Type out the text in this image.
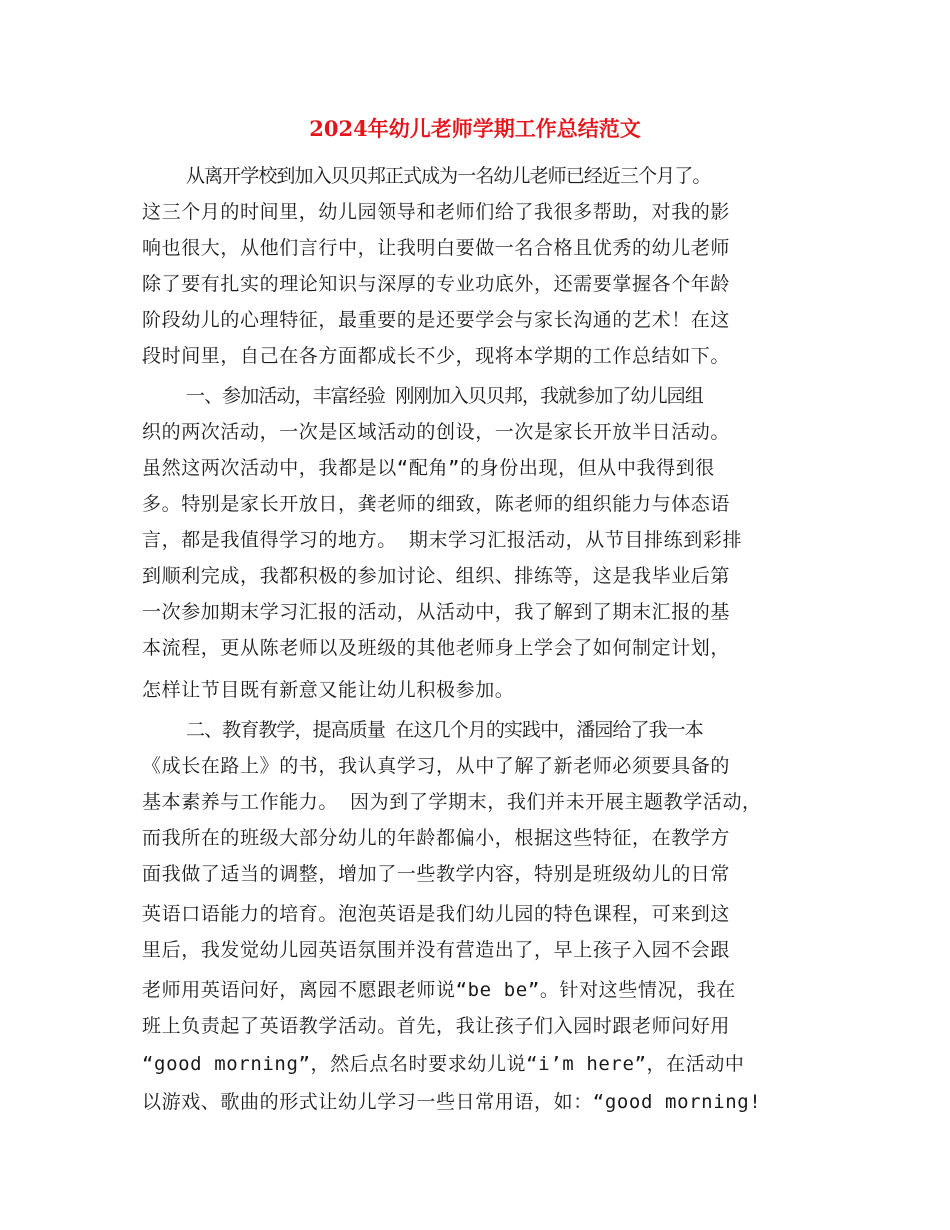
2024年幼儿老师学期工作总结范文

从离开学校到加入贝贝邦正式成为一名幼儿老师已经近三个月了。

这三个月的时间里，幼儿园领导和老师们给了我很多帮助，对我的影

响也很大，从他们言行中，让我明白要做一名合格且优秀的幼儿老师

除了要有扎实的理论知识与深厚的专业功底外，还需要掌握各个年龄

阶段幼儿的心理特征，最重要的是还要学会与家长沟通的艺术！在这

段时间里，自己在各方面都成长不少，现将本学期的工作总结如下。

一、参加活动，丰富经验 刚刚加入贝贝邦，我就参加了幼儿园组

织的两次活动，一次是区域活动的创设，一次是家长开放半日活动。

虽然这两次活动中，我都是以“配角”的身份出现，但从中我得到很

多。特别是家长开放日，龚老师的细致，陈老师的组织能力与体态语

言，都是我值得学习的地方。 期末学习汇报活动，从节目排练到彩排

到顺利完成，我都积极的参加讨论、组织、排练等，这是我毕业后第

一次参加期末学习汇报的活动，从活动中，我了解到了期末汇报的基

本流程，更从陈老师以及班级的其他老师身上学会了如何制定计划，

怎样让节目既有新意又能让幼儿积极参加。

二、教育教学，提高质量 在这几个月的实践中，潘园给了我一本

《成长在路上》的书，我认真学习，从中了解了新老师必须要具备的

基本素养与工作能力。 因为到了学期末，我们并未开展主题教学活动，

而我所在的班级大部分幼儿的年龄都偏小，根据这些特征，在教学方

面我做了适当的调整，增加了一些教学内容，特别是班级幼儿的日常

英语口语能力的培育。泡泡英语是我们幼儿园的特色课程，可来到这

里后，我发觉幼儿园英语氛围并没有营造出了，早上孩子入园不会跟

老师用英语问好，离园不愿跟老师说“be be”。针对这些情况，我在

班上负责起了英语教学活动。首先，我让孩子们入园时跟老师问好用

“good morning”，然后点名时要求幼儿说“i’m here”，在活动中

以游戏、歌曲的形式让幼儿学习一些日常用语，如：“good morning!
